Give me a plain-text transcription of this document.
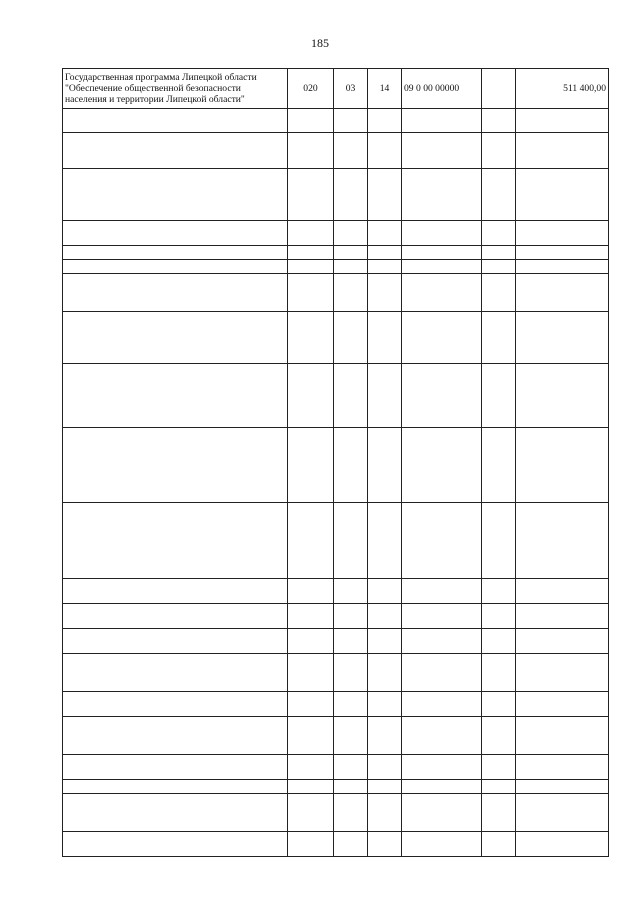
185
Государственная программа Липецкой области "Обеспечение общественной безопасности населения и территории Липецкой области"	020	03	14	09 0 00 00000		511 400,00
